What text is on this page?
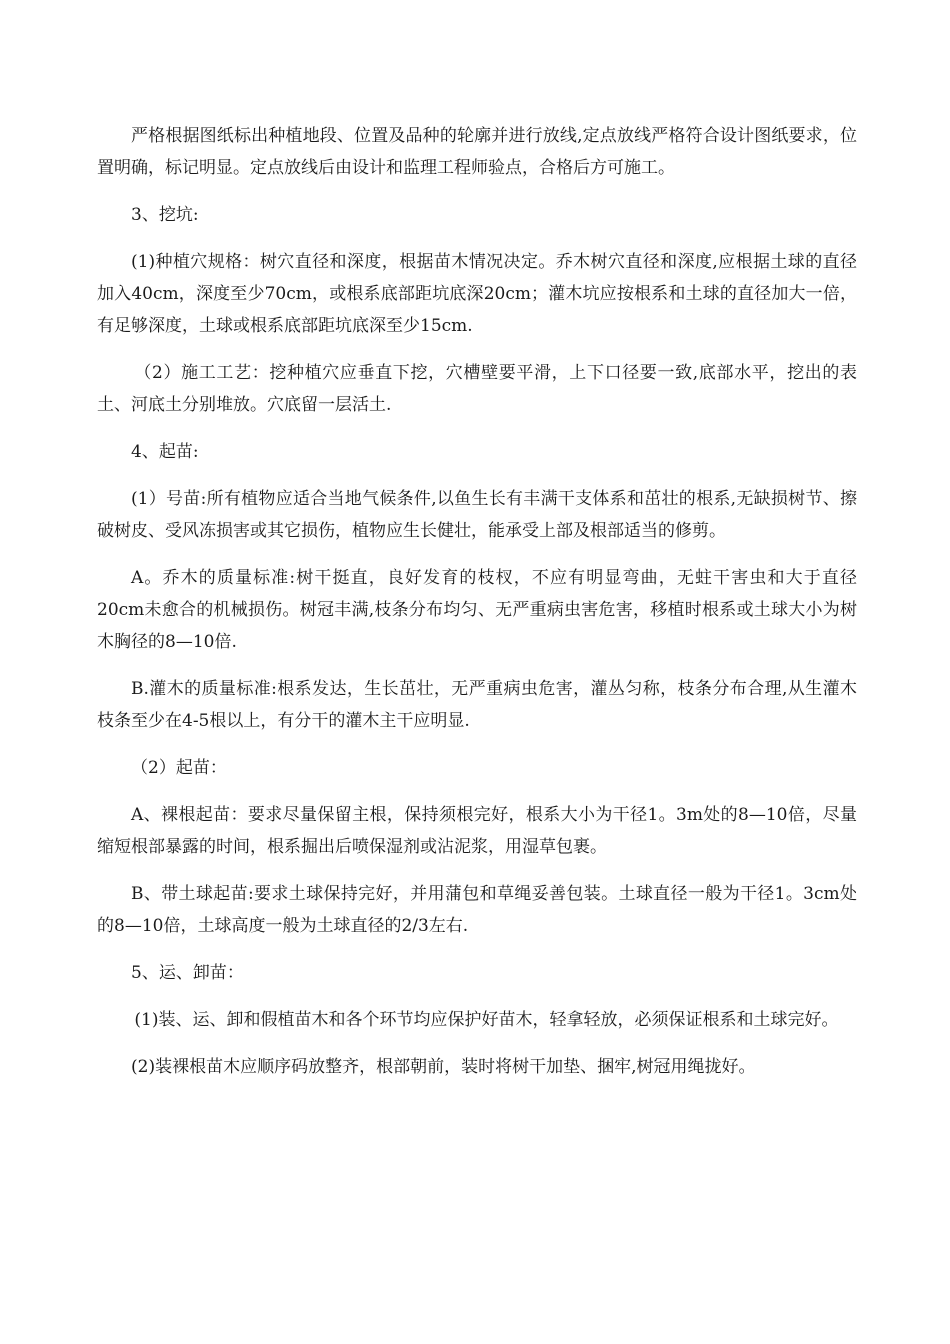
严格根据图纸标出种植地段、位置及品种的轮廓并进行放线,定点放线严格符合设计图纸要求，位置明确，标记明显。定点放线后由设计和监理工程师验点，合格后方可施工。

3、挖坑:

(1)种植穴规格：树穴直径和深度，根据苗木情况决定。乔木树穴直径和深度,应根据土球的直径加入40cm，深度至少70cm，或根系底部距坑底深20cm；灌木坑应按根系和土球的直径加大一倍，有足够深度，土球或根系底部距坑底深至少15cm.

（2）施工工艺：挖种植穴应垂直下挖，穴槽壁要平滑，上下口径要一致,底部水平，挖出的表土、河底土分别堆放。穴底留一层活土.

4、起苗:

(1）号苗:所有植物应适合当地气候条件,以鱼生长有丰满干支体系和茁壮的根系,无缺损树节、擦破树皮、受风冻损害或其它损伤，植物应生长健壮，能承受上部及根部适当的修剪。

A。乔木的质量标准:树干挺直，良好发育的枝杈，不应有明显弯曲，无蛀干害虫和大于直径20cm未愈合的机械损伤。树冠丰满,枝条分布均匀、无严重病虫害危害，移植时根系或土球大小为树木胸径的8—10倍.

B.灌木的质量标准:根系发达，生长茁壮，无严重病虫危害，灌丛匀称，枝条分布合理,从生灌木枝条至少在4-5根以上，有分干的灌木主干应明显.

（2）起苗：

A、裸根起苗：要求尽量保留主根，保持须根完好，根系大小为干径1。3m处的8—10倍，尽量缩短根部暴露的时间，根系掘出后喷保湿剂或沾泥浆，用湿草包裹。

B、带土球起苗:要求土球保持完好，并用蒲包和草绳妥善包装。土球直径一般为干径1。3cm处的8—10倍，土球高度一般为土球直径的2/3左右.

5、运、卸苗：

(1)装、运、卸和假植苗木和各个环节均应保护好苗木，轻拿轻放，必须保证根系和土球完好。

(2)装裸根苗木应顺序码放整齐，根部朝前，装时将树干加垫、捆牢,树冠用绳拢好。
